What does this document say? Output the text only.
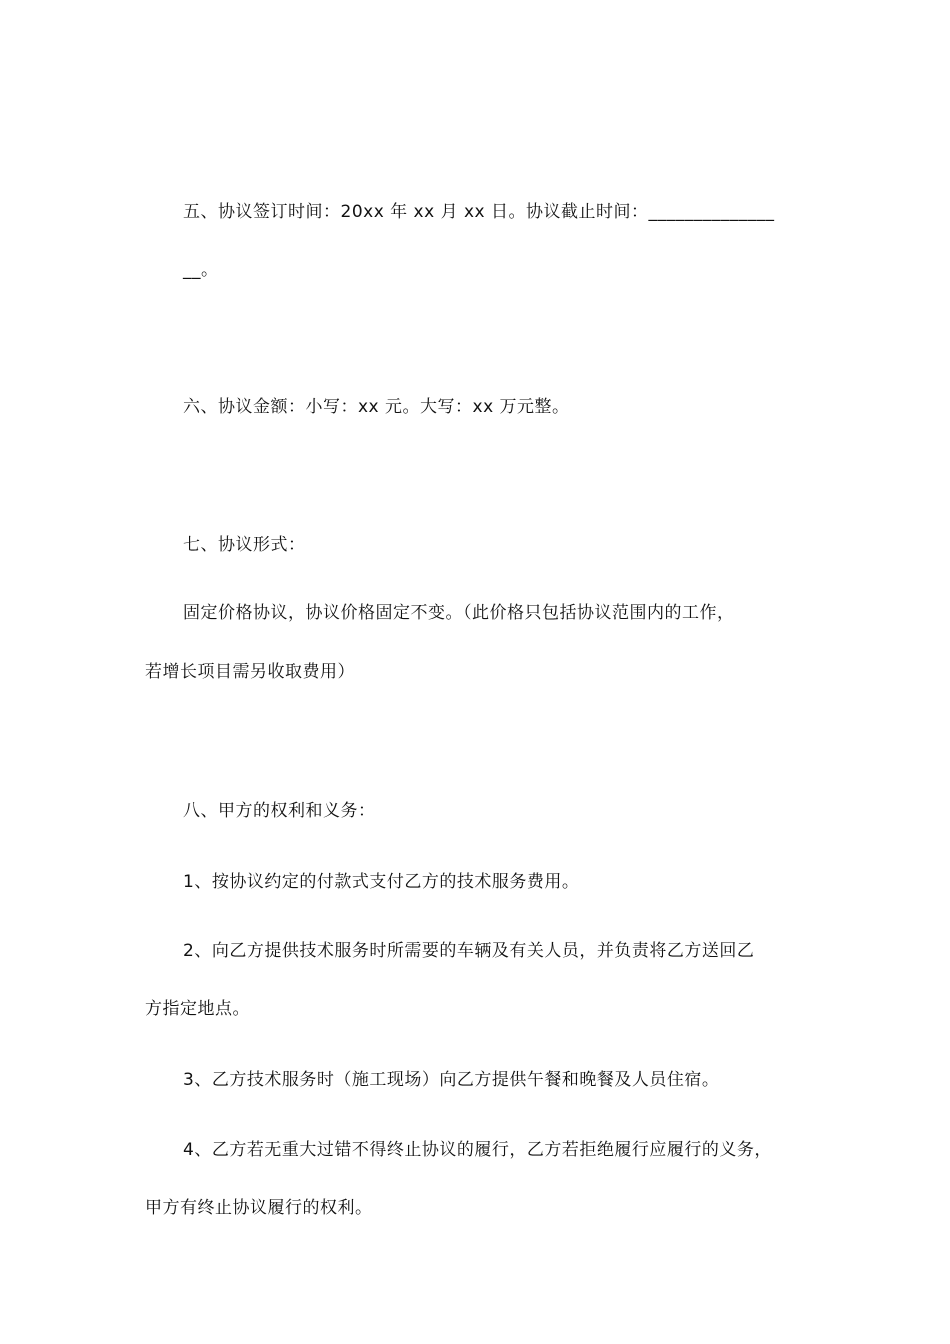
五、协议签订时间：20xx 年 xx 月 xx 日。协议截止时间：______________
__。
六、协议金额：小写：xx 元。大写：xx 万元整。
七、协议形式：
固定价格协议，协议价格固定不变。（此价格只包括协议范围内的工作，
若增长项目需另收取费用）
八、甲方的权利和义务：
1、按协议约定的付款式支付乙方的技术服务费用。
2、向乙方提供技术服务时所需要的车辆及有关人员，并负责将乙方送回乙
方指定地点。
3、乙方技术服务时（施工现场）向乙方提供午餐和晚餐及人员住宿。
4、乙方若无重大过错不得终止协议的履行，乙方若拒绝履行应履行的义务，
甲方有终止协议履行的权利。
